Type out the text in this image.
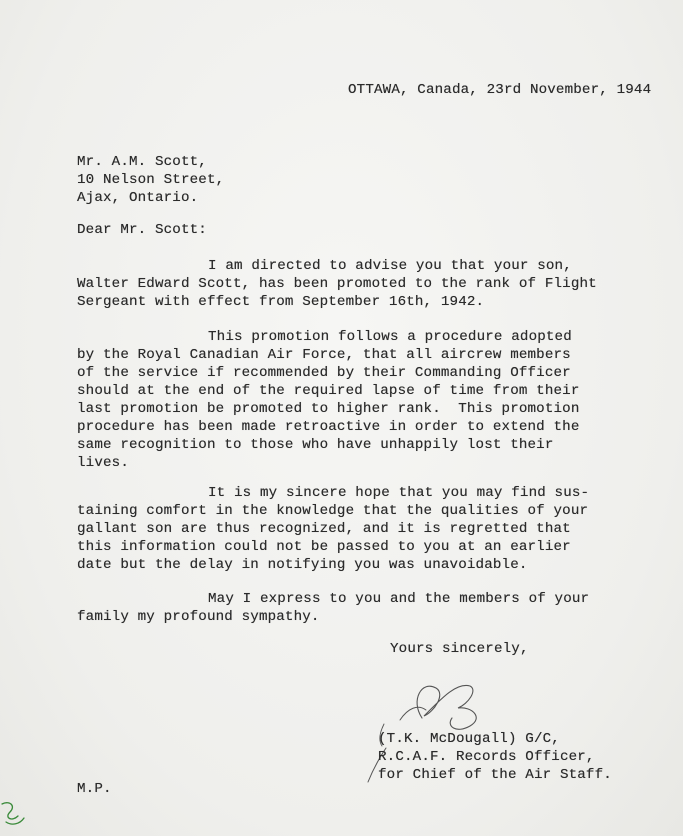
OTTAWA, Canada, 23rd November, 1944
Mr. A.M. Scott,
10 Nelson Street,
Ajax, Ontario.
Dear Mr. Scott:
I am directed to advise you that your son,
Walter Edward Scott, has been promoted to the rank of Flight
Sergeant with effect from September 16th, 1942.
This promotion follows a procedure adopted
by the Royal Canadian Air Force, that all aircrew members
of the service if recommended by their Commanding Officer
should at the end of the required lapse of time from their
last promotion be promoted to higher rank.  This promotion
procedure has been made retroactive in order to extend the
same recognition to those who have unhappily lost their
lives.
It is my sincere hope that you may find sus-
taining comfort in the knowledge that the qualities of your
gallant son are thus recognized, and it is regretted that
this information could not be passed to you at an earlier
date but the delay in notifying you was unavoidable.
May I express to you and the members of your
family my profound sympathy.
Yours sincerely,
(T.K. McDougall) G/C,
R.C.A.F. Records Officer,
for Chief of the Air Staff.
M.P.
